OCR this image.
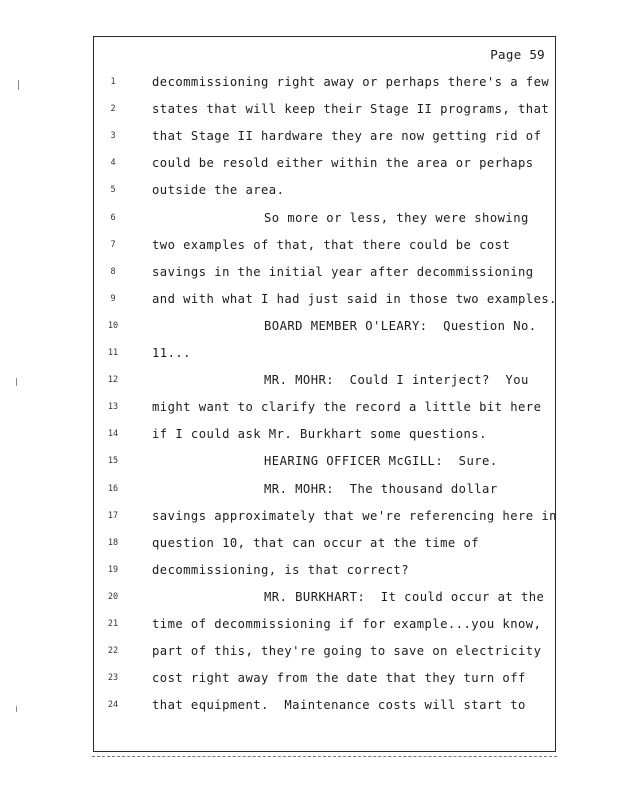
Page 59
1	decommissioning right away or perhaps there's a few
2	states that will keep their Stage II programs, that
3	that Stage II hardware they are now getting rid of
4	could be resold either within the area or perhaps
5	outside the area.
6	So more or less, they were showing
7	two examples of that, that there could be cost
8	savings in the initial year after decommissioning
9	and with what I had just said in those two examples.
10	BOARD MEMBER O'LEARY:  Question No.
11	11...
12	MR. MOHR:  Could I interject?  You
13	might want to clarify the record a little bit here
14	if I could ask Mr. Burkhart some questions.
15	HEARING OFFICER McGILL:  Sure.
16	MR. MOHR:  The thousand dollar
17	savings approximately that we're referencing here in
18	question 10, that can occur at the time of
19	decommissioning, is that correct?
20	MR. BURKHART:  It could occur at the
21	time of decommissioning if for example...you know,
22	part of this, they're going to save on electricity
23	cost right away from the date that they turn off
24	that equipment.  Maintenance costs will start to
